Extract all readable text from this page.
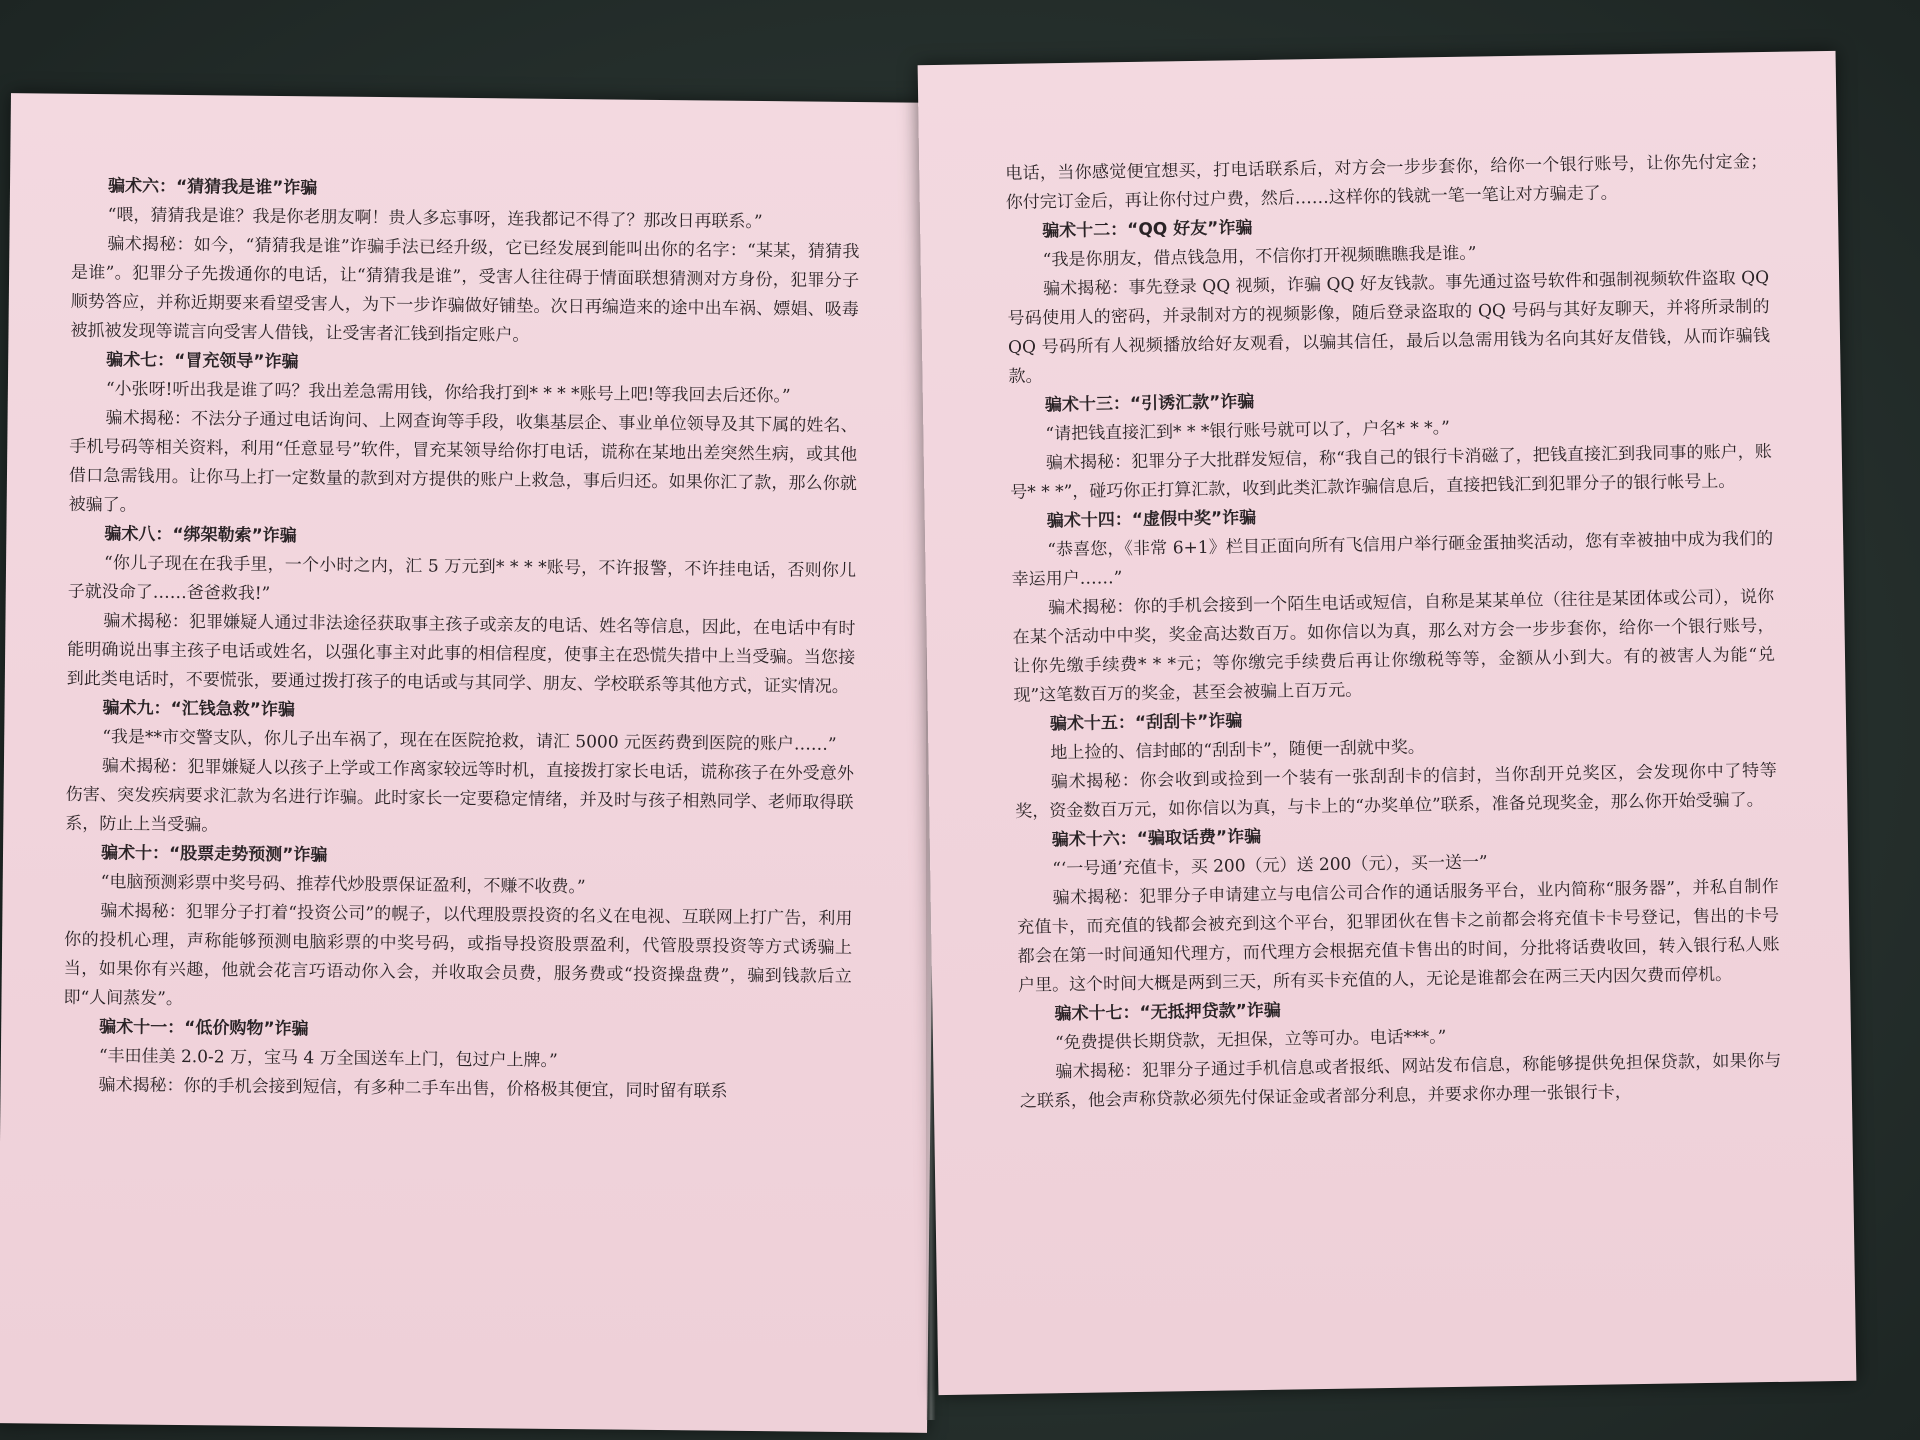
骗术六：“猜猜我是谁”诈骗

“喂，猜猜我是谁？我是你老朋友啊！贵人多忘事呀，连我都记不得了？那改日再联系。”

骗术揭秘：如今，“猜猜我是谁”诈骗手法已经升级，它已经发展到能叫出你的名字：“某某，猜猜我是谁”。犯罪分子先拨通你的电话，让“猜猜我是谁”，受害人往往碍于情面联想猜测对方身份，犯罪分子顺势答应，并称近期要来看望受害人，为下一步诈骗做好铺垫。次日再编造来的途中出车祸、嫖娼、吸毒被抓被发现等谎言向受害人借钱，让受害者汇钱到指定账户。

骗术七：“冒充领导”诈骗

“小张呀!听出我是谁了吗？我出差急需用钱，你给我打到* * * *账号上吧!等我回去后还你。”

骗术揭秘：不法分子通过电话询问、上网查询等手段，收集基层企、事业单位领导及其下属的姓名、手机号码等相关资料，利用“任意显号”软件，冒充某领导给你打电话，谎称在某地出差突然生病，或其他借口急需钱用。让你马上打一定数量的款到对方提供的账户上救急，事后归还。如果你汇了款，那么你就被骗了。

骗术八：“绑架勒索”诈骗

“你儿子现在在我手里，一个小时之内，汇 5 万元到* * * *账号，不许报警，不许挂电话，否则你儿子就没命了……爸爸救我!”

骗术揭秘：犯罪嫌疑人通过非法途径获取事主孩子或亲友的电话、姓名等信息，因此，在电话中有时能明确说出事主孩子电话或姓名，以强化事主对此事的相信程度，使事主在恐慌失措中上当受骗。当您接到此类电话时，不要慌张，要通过拨打孩子的电话或与其同学、朋友、学校联系等其他方式，证实情况。

骗术九：“汇钱急救”诈骗

“我是**市交警支队，你儿子出车祸了，现在在医院抢救，请汇 5000 元医药费到医院的账户……”

骗术揭秘：犯罪嫌疑人以孩子上学或工作离家较远等时机，直接拨打家长电话，谎称孩子在外受意外伤害、突发疾病要求汇款为名进行诈骗。此时家长一定要稳定情绪，并及时与孩子相熟同学、老师取得联系，防止上当受骗。

骗术十：“股票走势预测”诈骗

“电脑预测彩票中奖号码、推荐代炒股票保证盈利，不赚不收费。”

骗术揭秘：犯罪分子打着“投资公司”的幌子，以代理股票投资的名义在电视、互联网上打广告，利用你的投机心理，声称能够预测电脑彩票的中奖号码，或指导投资股票盈利，代管股票投资等方式诱骗上当，如果你有兴趣，他就会花言巧语动你入会，并收取会员费，服务费或“投资操盘费”，骗到钱款后立即“人间蒸发”。

骗术十一：“低价购物”诈骗

“丰田佳美 2.0-2 万，宝马 4 万全国送车上门，包过户上牌。”

骗术揭秘：你的手机会接到短信，有多种二手车出售，价格极其便宜，同时留有联系

电话，当你感觉便宜想买，打电话联系后，对方会一步步套你，给你一个银行账号，让你先付定金；你付完订金后，再让你付过户费，然后……这样你的钱就一笔一笔让对方骗走了。

骗术十二：“QQ 好友”诈骗

“我是你朋友，借点钱急用，不信你打开视频瞧瞧我是谁。”

骗术揭秘：事先登录 QQ 视频，诈骗 QQ 好友钱款。事先通过盗号软件和强制视频软件盗取 QQ 号码使用人的密码，并录制对方的视频影像，随后登录盗取的 QQ 号码与其好友聊天，并将所录制的 QQ 号码所有人视频播放给好友观看，以骗其信任，最后以急需用钱为名向其好友借钱，从而诈骗钱款。

骗术十三：“引诱汇款”诈骗

“请把钱直接汇到* * *银行账号就可以了，户名* * *。”

骗术揭秘：犯罪分子大批群发短信，称“我自己的银行卡消磁了，把钱直接汇到我同事的账户，账号* * *”，碰巧你正打算汇款，收到此类汇款诈骗信息后，直接把钱汇到犯罪分子的银行帐号上。

骗术十四：“虚假中奖”诈骗

“恭喜您，《非常 6+1》栏目正面向所有飞信用户举行砸金蛋抽奖活动，您有幸被抽中成为我们的幸运用户……”

骗术揭秘：你的手机会接到一个陌生电话或短信，自称是某某单位（往往是某团体或公司），说你在某个活动中中奖，奖金高达数百万。如你信以为真，那么对方会一步步套你，给你一个银行账号，让你先缴手续费* * *元；等你缴完手续费后再让你缴税等等，金额从小到大。有的被害人为能“兑现”这笔数百万的奖金，甚至会被骗上百万元。

骗术十五：“刮刮卡”诈骗

地上捡的、信封邮的“刮刮卡”，随便一刮就中奖。

骗术揭秘：你会收到或捡到一个装有一张刮刮卡的信封，当你刮开兑奖区，会发现你中了特等奖，资金数百万元，如你信以为真，与卡上的“办奖单位”联系，准备兑现奖金，那么你开始受骗了。

骗术十六：“骗取话费”诈骗

“‘一号通’充值卡，买 200（元）送 200（元），买一送一”

骗术揭秘：犯罪分子申请建立与电信公司合作的通话服务平台，业内简称“服务器”，并私自制作充值卡，而充值的钱都会被充到这个平台，犯罪团伙在售卡之前都会将充值卡卡号登记，售出的卡号都会在第一时间通知代理方，而代理方会根据充值卡售出的时间，分批将话费收回，转入银行私人账户里。这个时间大概是两到三天，所有买卡充值的人，无论是谁都会在两三天内因欠费而停机。

骗术十七：“无抵押贷款”诈骗

“免费提供长期贷款，无担保，立等可办。电话***。”

骗术揭秘：犯罪分子通过手机信息或者报纸、网站发布信息，称能够提供免担保贷款，如果你与之联系，他会声称贷款必须先付保证金或者部分利息，并要求你办理一张银行卡，
